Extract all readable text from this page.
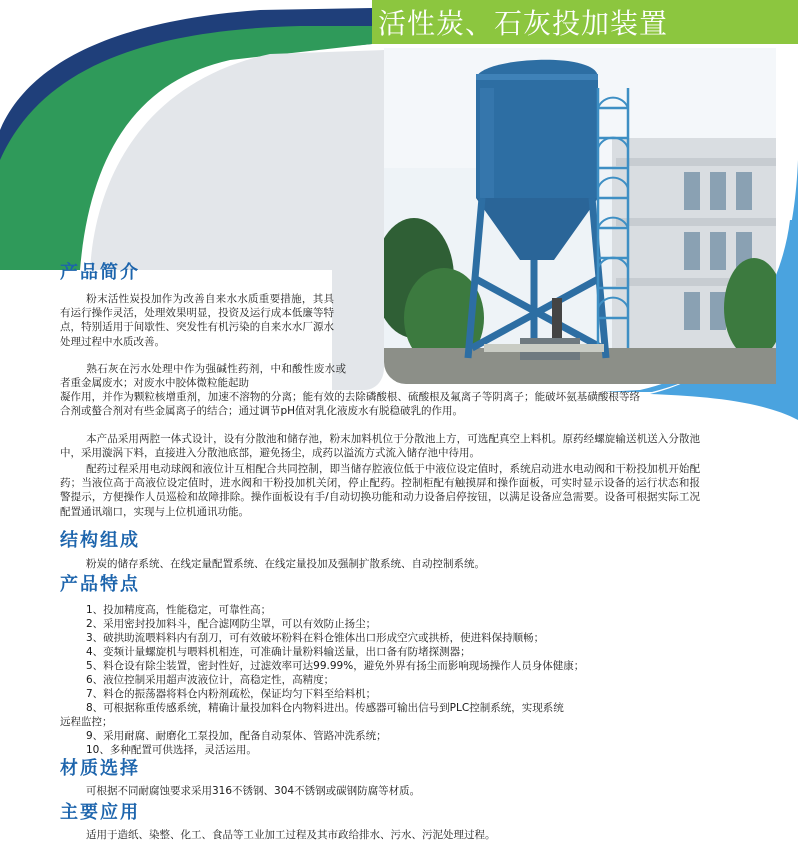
活性炭、石灰投加装置
产品简介

粉末活性炭投加作为改善自来水水质重要措施，其具有运行操作灵活，处理效果明显，投资及运行成本低廉等特点，特别适用于间歇性、突发性有机污染的自来水水厂源水处理过程中水质改善。

熟石灰在污水处理中作为强碱性药剂，中和酸性废水或者重金属废水；对废水中胶体微粒能起助

凝作用，并作为颗粒核增重剂，加速不溶物的分离；能有效的去除磷酸根、硫酸根及氟离子等阴离子；能破坏氨基磺酸根等络合剂或螯合剂对有些金属离子的结合；通过调节pH值对乳化液废水有脱稳破乳的作用。

本产品采用两腔一体式设计，设有分散池和储存池，粉末加料机位于分散池上方，可选配真空上料机。原药经螺旋输送机送入分散池中，采用漩涡下料，直接进入分散池底部，避免扬尘，成药以溢流方式流入储存池中待用。

配药过程采用电动球阀和液位计互相配合共同控制，即当储存腔液位低于中液位设定值时，系统启动进水电动阀和干粉投加机开始配药；当液位高于高液位设定值时，进水阀和干粉投加机关闭，停止配药。控制柜配有触摸屏和操作面板，可实时显示设备的运行状态和报警提示，方便操作人员巡检和故障排除。操作面板设有手/自动切换功能和动力设备启停按钮，以满足设备应急需要。设备可根据实际工况配置通讯端口，实现与上位机通讯功能。

结构组成
粉炭的储存系统、在线定量配置系统、在线定量投加及强制扩散系统、自动控制系统。
产品特点
1、投加精度高，性能稳定，可靠性高；
2、采用密封投加料斗，配合滤网防尘罩，可以有效防止扬尘；
3、破拱助流喂料料内有刮刀，可有效破坏粉料在料仓锥体出口形成空穴或拱桥，使进料保持顺畅；
4、变频计量螺旋机与喂料机相连，可准确计量粉料输送量，出口备有防堵探测器；
5、料仓设有除尘装置，密封性好，过滤效率可达99.99%，避免外界有扬尘而影响现场操作人员身体健康；
6、液位控制采用超声波液位计，高稳定性，高精度；
7、料仓的振荡器将料仓内粉剂疏松，保证均匀下料至给料机；
8、可根据称重传感系统，精确计量投加料仓内物料进出。传感器可输出信号到PLC控制系统，实现系统
远程监控；
9、采用耐腐、耐磨化工泵投加，配备自动泵体、管路冲洗系统；
10、多种配置可供选择，灵活运用。
材质选择
可根据不同耐腐蚀要求采用316不锈钢、304不锈钢或碳钢防腐等材质。
主要应用
适用于造纸、染整、化工、食品等工业加工过程及其市政给排水、污水、污泥处理过程。
